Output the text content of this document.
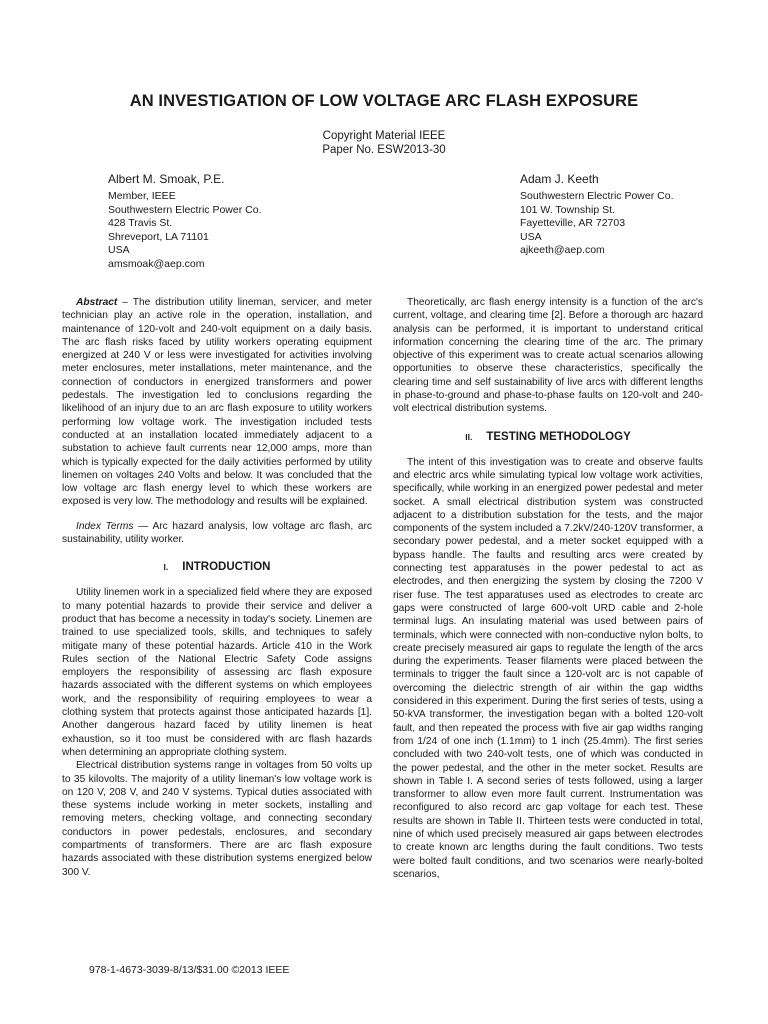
AN INVESTIGATION OF LOW VOLTAGE ARC FLASH EXPOSURE
Copyright Material IEEE
Paper No. ESW2013-30
Albert M. Smoak, P.E.
Member, IEEE
Southwestern Electric Power Co.
428 Travis St.
Shreveport, LA 71101
USA
amsmoak@aep.com
Adam J. Keeth
Southwestern Electric Power Co.
101 W. Township St.
Fayetteville, AR 72703
USA
ajkeeth@aep.com

Abstract – The distribution utility lineman, servicer, and meter technician play an active role in the operation, installation, and maintenance of 120-volt and 240-volt equipment on a daily basis. The arc flash risks faced by utility workers operating equipment energized at 240 V or less were investigated for activities involving meter enclosures, meter installations, meter maintenance, and the connection of conductors in energized transformers and power pedestals. The investigation led to conclusions regarding the likelihood of an injury due to an arc flash exposure to utility workers performing low voltage work. The investigation included tests conducted at an installation located immediately adjacent to a substation to achieve fault currents near 12,000 amps, more than which is typically expected for the daily activities performed by utility linemen on voltages 240 Volts and below. It was concluded that the low voltage arc flash energy level to which these workers are exposed is very low. The methodology and results will be explained.

Index Terms — Arc hazard analysis, low voltage arc flash, arc sustainability, utility worker.

I. INTRODUCTION

Utility linemen work in a specialized field where they are exposed to many potential hazards to provide their service and deliver a product that has become a necessity in today's society. Linemen are trained to use specialized tools, skills, and techniques to safely mitigate many of these potential hazards. Article 410 in the Work Rules section of the National Electric Safety Code assigns employers the responsibility of assessing arc flash exposure hazards associated with the different systems on which employees work, and the responsibility of requiring employees to wear a clothing system that protects against those anticipated hazards [1]. Another dangerous hazard faced by utility linemen is heat exhaustion, so it too must be considered with arc flash hazards when determining an appropriate clothing system.

Electrical distribution systems range in voltages from 50 volts up to 35 kilovolts. The majority of a utility lineman's low voltage work is on 120 V, 208 V, and 240 V systems. Typical duties associated with these systems include working in meter sockets, installing and removing meters, checking voltage, and connecting secondary conductors in power pedestals, enclosures, and secondary compartments of transformers. There are arc flash exposure hazards associated with these distribution systems energized below 300 V.

Theoretically, arc flash energy intensity is a function of the arc's current, voltage, and clearing time [2]. Before a thorough arc hazard analysis can be performed, it is important to understand critical information concerning the clearing time of the arc. The primary objective of this experiment was to create actual scenarios allowing opportunities to observe these characteristics, specifically the clearing time and self sustainability of live arcs with different lengths in phase-to-ground and phase-to-phase faults on 120-volt and 240-volt electrical distribution systems.

II. TESTING METHODOLOGY

The intent of this investigation was to create and observe faults and electric arcs while simulating typical low voltage work activities, specifically, while working in an energized power pedestal and meter socket. A small electrical distribution system was constructed adjacent to a distribution substation for the tests, and the major components of the system included a 7.2kV/240-120V transformer, a secondary power pedestal, and a meter socket equipped with a bypass handle. The faults and resulting arcs were created by connecting test apparatuses in the power pedestal to act as electrodes, and then energizing the system by closing the 7200 V riser fuse. The test apparatuses used as electrodes to create arc gaps were constructed of large 600-volt URD cable and 2-hole terminal lugs. An insulating material was used between pairs of terminals, which were connected with non-conductive nylon bolts, to create precisely measured air gaps to regulate the length of the arcs during the experiments. Teaser filaments were placed between the terminals to trigger the fault since a 120-volt arc is not capable of overcoming the dielectric strength of air within the gap widths considered in this experiment. During the first series of tests, using a 50-kVA transformer, the investigation began with a bolted 120-volt fault, and then repeated the process with five air gap widths ranging from 1/24 of one inch (1.1mm) to 1 inch (25.4mm). The first series concluded with two 240-volt tests, one of which was conducted in the power pedestal, and the other in the meter socket. Results are shown in Table I. A second series of tests followed, using a larger transformer to allow even more fault current. Instrumentation was reconfigured to also record arc gap voltage for each test. These results are shown in Table II. Thirteen tests were conducted in total, nine of which used precisely measured air gaps between electrodes to create known arc lengths during the fault conditions. Two tests were bolted fault conditions, and two scenarios were nearly-bolted scenarios,

978-1-4673-3039-8/13/$31.00 ©2013 IEEE
